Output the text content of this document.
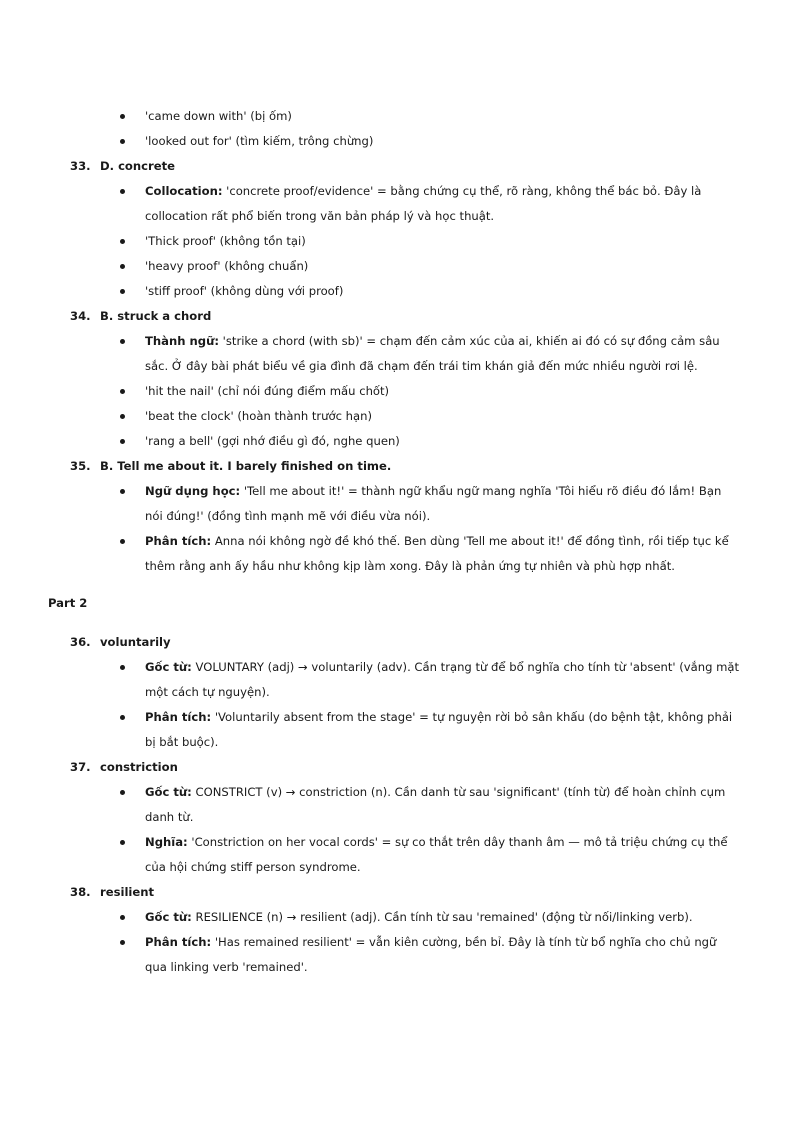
'came down with' (bị ốm)
'looked out for' (tìm kiếm, trông chừng)
33. D. concrete
Collocation: 'concrete proof/evidence' = bằng chứng cụ thể, rõ ràng, không thể bác bỏ. Đây là collocation rất phổ biến trong văn bản pháp lý và học thuật.
'Thick proof' (không tồn tại)
'heavy proof' (không chuẩn)
'stiff proof' (không dùng với proof)
34. B. struck a chord
Thành ngữ: 'strike a chord (with sb)' = chạm đến cảm xúc của ai, khiến ai đó có sự đồng cảm sâu sắc. Ở đây bài phát biểu về gia đình đã chạm đến trái tim khán giả đến mức nhiều người rơi lệ.
'hit the nail' (chỉ nói đúng điểm mấu chốt)
'beat the clock' (hoàn thành trước hạn)
'rang a bell' (gợi nhớ điều gì đó, nghe quen)
35. B. Tell me about it. I barely finished on time.
Ngữ dụng học: 'Tell me about it!' = thành ngữ khẩu ngữ mang nghĩa 'Tôi hiểu rõ điều đó lắm! Bạn nói đúng!' (đồng tình mạnh mẽ với điều vừa nói).
Phân tích: Anna nói không ngờ đề khó thế. Ben dùng 'Tell me about it!' để đồng tình, rồi tiếp tục kể thêm rằng anh ấy hầu như không kịp làm xong. Đây là phản ứng tự nhiên và phù hợp nhất.
Part 2
36. voluntarily
Gốc từ: VOLUNTARY (adj) → voluntarily (adv). Cần trạng từ để bổ nghĩa cho tính từ 'absent' (vắng mặt một cách tự nguyện).
Phân tích: 'Voluntarily absent from the stage' = tự nguyện rời bỏ sân khấu (do bệnh tật, không phải bị bắt buộc).
37. constriction
Gốc từ: CONSTRICT (v) → constriction (n). Cần danh từ sau 'significant' (tính từ) để hoàn chỉnh cụm danh từ.
Nghĩa: 'Constriction on her vocal cords' = sự co thắt trên dây thanh âm — mô tả triệu chứng cụ thể của hội chứng stiff person syndrome.
38. resilient
Gốc từ: RESILIENCE (n) → resilient (adj). Cần tính từ sau 'remained' (động từ nối/linking verb).
Phân tích: 'Has remained resilient' = vẫn kiên cường, bền bỉ. Đây là tính từ bổ nghĩa cho chủ ngữ qua linking verb 'remained'.
